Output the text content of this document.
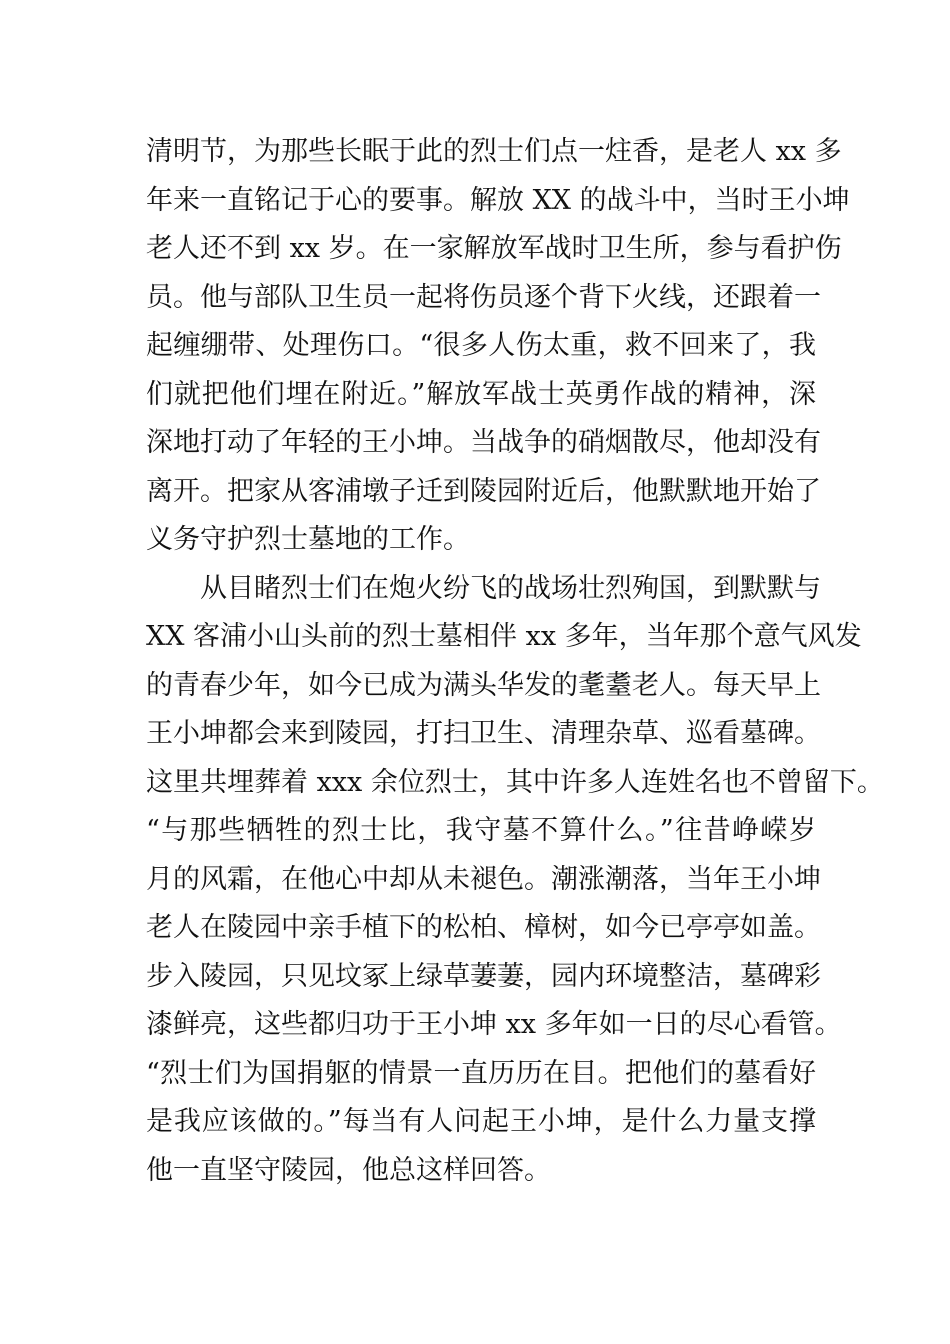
清明节，为那些长眠于此的烈士们点一炷香，是老人 xx 多
年来一直铭记于心的要事。解放 XX 的战斗中，当时王小坤
老人还不到 xx 岁。在一家解放军战时卫生所，参与看护伤
员。他与部队卫生员一起将伤员逐个背下火线，还跟着一
起缠绷带、处理伤口。“很多人伤太重，救不回来了，我
们就把他们埋在附近。”解放军战士英勇作战的精神，深
深地打动了年轻的王小坤。当战争的硝烟散尽，他却没有
离开。把家从客浦墩子迁到陵园附近后，他默默地开始了
义务守护烈士墓地的工作。
从目睹烈士们在炮火纷飞的战场壮烈殉国，到默默与
XX 客浦小山头前的烈士墓相伴 xx 多年，当年那个意气风发
的青春少年，如今已成为满头华发的耄耋老人。每天早上
王小坤都会来到陵园，打扫卫生、清理杂草、巡看墓碑。
这里共埋葬着 xxx 余位烈士，其中许多人连姓名也不曾留下。
“与那些牺牲的烈士比，我守墓不算什么。”往昔峥嵘岁
月的风霜，在他心中却从未褪色。潮涨潮落，当年王小坤
老人在陵园中亲手植下的松柏、樟树，如今已亭亭如盖。
步入陵园，只见坟冢上绿草萋萋，园内环境整洁，墓碑彩
漆鲜亮，这些都归功于王小坤 xx 多年如一日的尽心看管。
“烈士们为国捐躯的情景一直历历在目。把他们的墓看好
是我应该做的。”每当有人问起王小坤，是什么力量支撑
他一直坚守陵园，他总这样回答。
